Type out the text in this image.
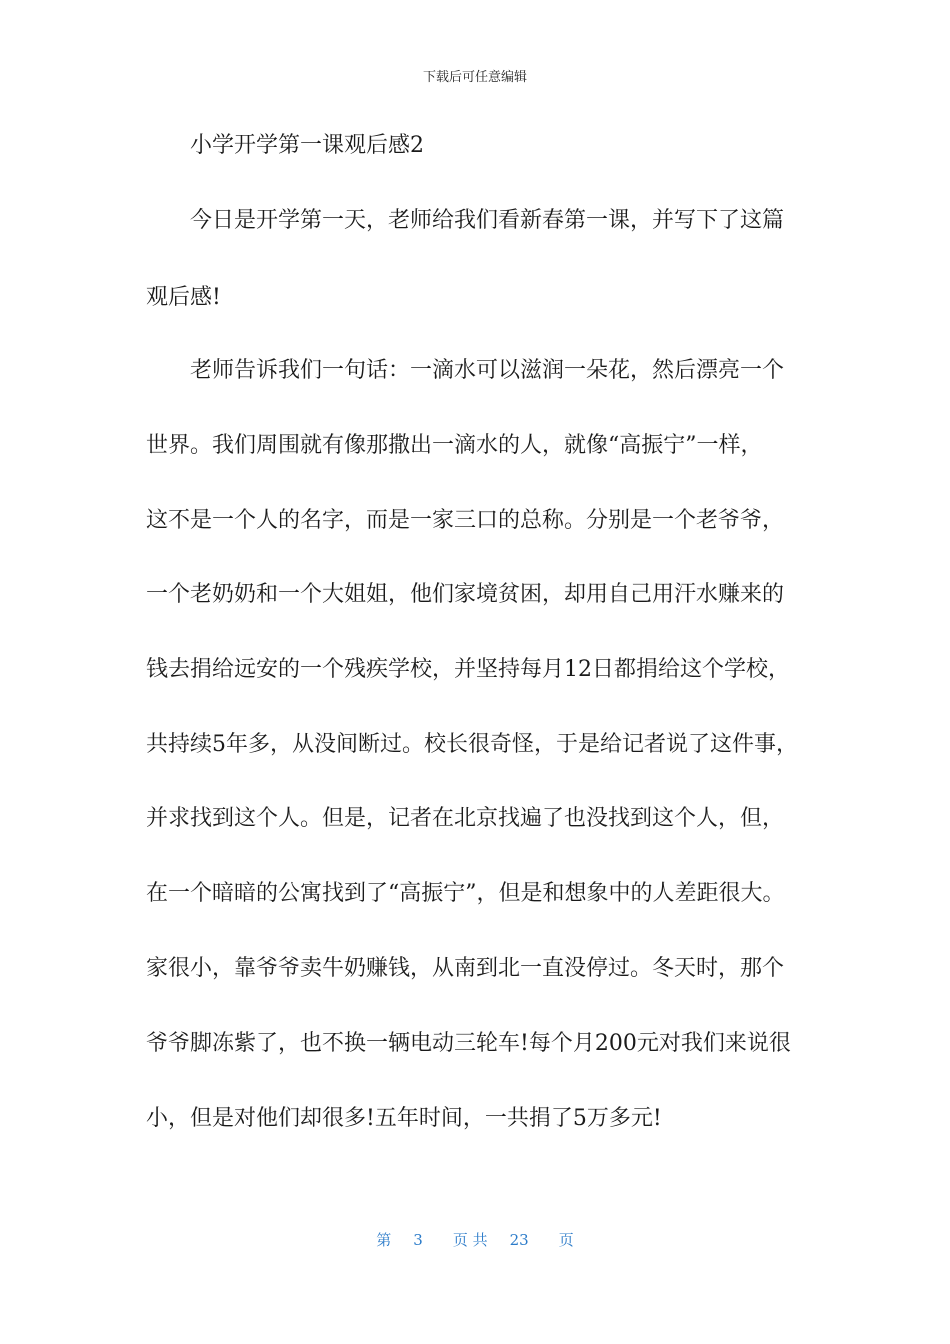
下载后可任意编辑
小学开学第一课观后感2
今日是开学第一天，老师给我们看新春第一课，并写下了这篇
观后感!
老师告诉我们一句话：一滴水可以滋润一朵花，然后漂亮一个
世界。我们周围就有像那撒出一滴水的人，就像“高振宁”一样，
这不是一个人的名字，而是一家三口的总称。分别是一个老爷爷，
一个老奶奶和一个大姐姐，他们家境贫困，却用自己用汗水赚来的
钱去捐给远安的一个残疾学校，并坚持每月12日都捐给这个学校，
共持续5年多，从没间断过。校长很奇怪，于是给记者说了这件事，
并求找到这个人。但是，记者在北京找遍了也没找到这个人，但，
在一个暗暗的公寓找到了“高振宁”，但是和想象中的人差距很大。
家很小，靠爷爷卖牛奶赚钱，从南到北一直没停过。冬天时，那个
爷爷脚冻紫了，也不换一辆电动三轮车!每个月200元对我们来说很
小，但是对他们却很多!五年时间，一共捐了5万多元!
第 3 页 共 23 页
